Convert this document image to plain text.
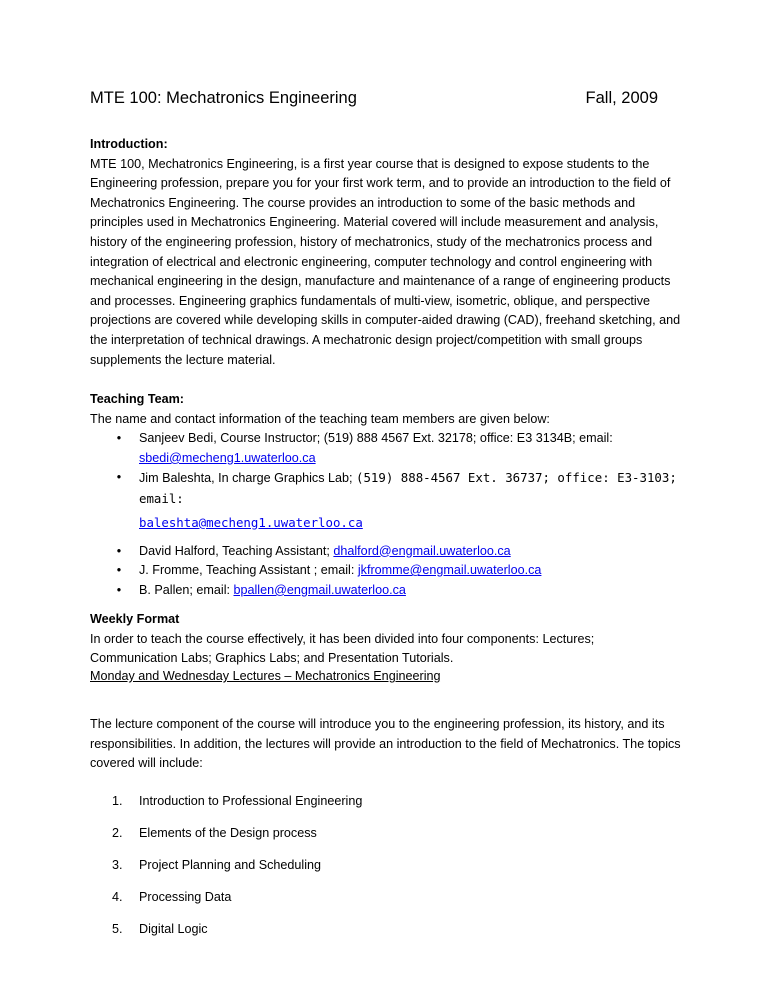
MTE 100: Mechatronics Engineering	Fall, 2009
Introduction:

MTE 100, Mechatronics Engineering, is a first year course that is designed to expose students to the Engineering profession, prepare you for your first work term, and to provide an introduction to the field of Mechatronics Engineering. The course provides an introduction to some of the basic methods and principles used in Mechatronics Engineering. Material covered will include measurement and analysis, history of the engineering profession, history of mechatronics, study of the mechatronics process and integration of electrical and electronic engineering, computer technology and control engineering with mechanical engineering in the design, manufacture and maintenance of a range of engineering products and processes. Engineering graphics fundamentals of multi-view, isometric, oblique, and perspective projections are covered while developing skills in computer-aided drawing (CAD), freehand sketching, and the interpretation of technical drawings. A mechatronic design project/competition with small groups supplements the lecture material.

Teaching Team:
The name and contact information of the teaching team members are given below:
•	Sanjeev Bedi, Course Instructor; (519) 888 4567 Ext. 32178; office: E3 3134B; email:
sbedi@mecheng1.uwaterloo.ca
•	Jim Baleshta, In charge Graphics Lab; (519) 888-4567 Ext. 36737; office: E3-3103; email:
baleshta@mecheng1.uwaterloo.ca
•	David Halford, Teaching Assistant; dhalford@engmail.uwaterloo.ca
•	J. Fromme, Teaching Assistant ; email: jkfromme@engmail.uwaterloo.ca
•	B. Pallen; email: bpallen@engmail.uwaterloo.ca
Weekly Format

In order to teach the course effectively, it has been divided into four components: Lectures; Communication Labs; Graphics Labs; and Presentation Tutorials.

Monday and Wednesday Lectures – Mechatronics Engineering

The lecture component of the course will introduce you to the engineering profession, its history, and its responsibilities. In addition, the lectures will provide an introduction to the field of Mechatronics. The topics covered will include:

1. Introduction to Professional Engineering
2. Elements of the Design process
3. Project Planning and Scheduling
4. Processing Data
5. Digital Logic
